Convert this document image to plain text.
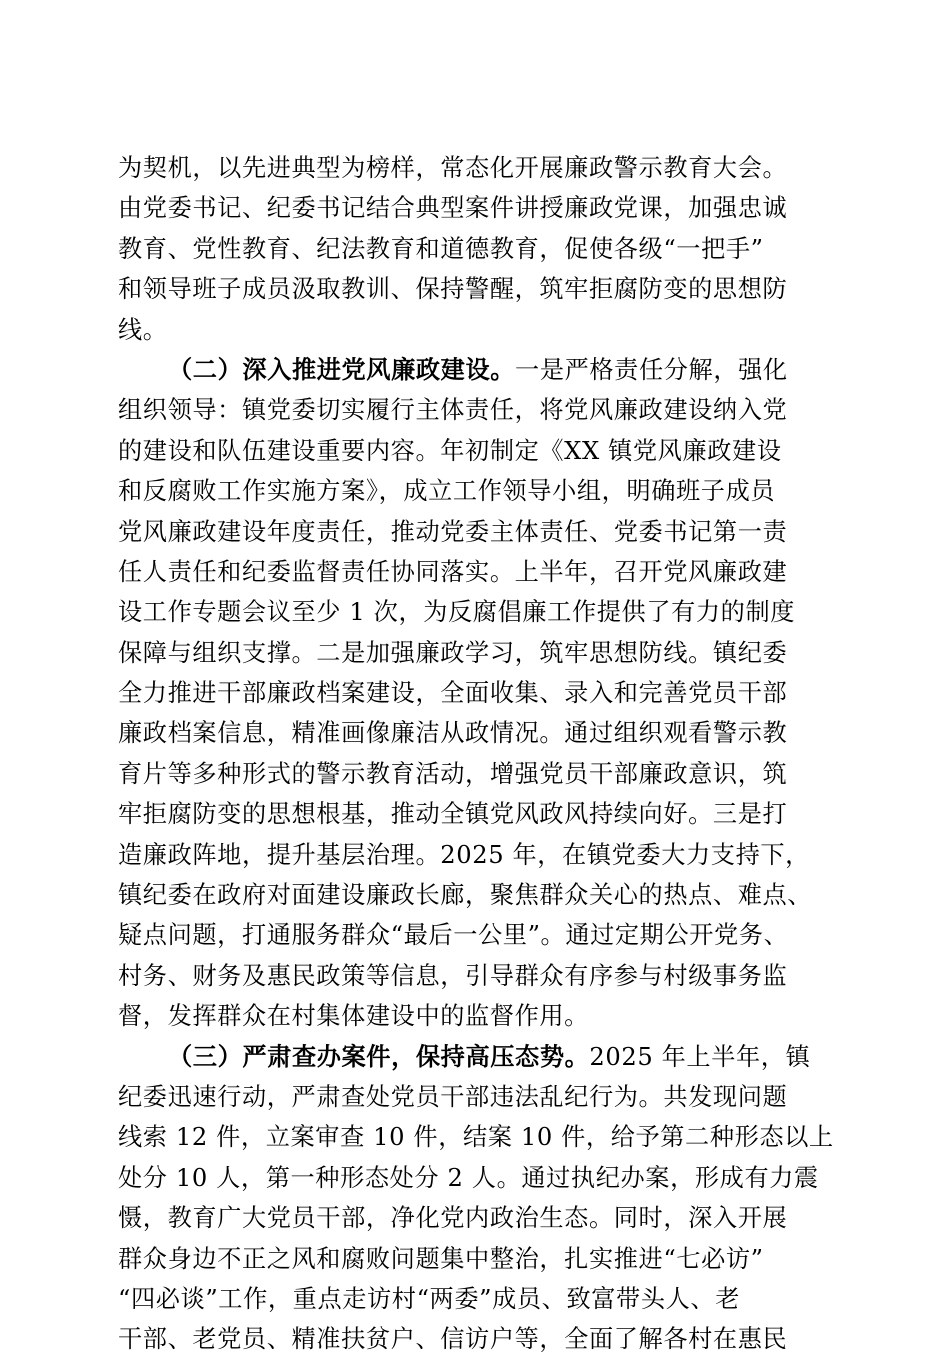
为契机，以先进典型为榜样，常态化开展廉政警示教育大会。
由党委书记、纪委书记结合典型案件讲授廉政党课，加强忠诚
教育、党性教育、纪法教育和道德教育，促使各级“一把手”
和领导班子成员汲取教训、保持警醒，筑牢拒腐防变的思想防
线。
（二）深入推进党风廉政建设。一是严格责任分解，强化
组织领导：镇党委切实履行主体责任，将党风廉政建设纳入党
的建设和队伍建设重要内容。年初制定《XX 镇党风廉政建设
和反腐败工作实施方案》，成立工作领导小组，明确班子成员
党风廉政建设年度责任，推动党委主体责任、党委书记第一责
任人责任和纪委监督责任协同落实。上半年，召开党风廉政建
设工作专题会议至少 1 次，为反腐倡廉工作提供了有力的制度
保障与组织支撑。二是加强廉政学习，筑牢思想防线。镇纪委
全力推进干部廉政档案建设，全面收集、录入和完善党员干部
廉政档案信息，精准画像廉洁从政情况。通过组织观看警示教
育片等多种形式的警示教育活动，增强党员干部廉政意识，筑
牢拒腐防变的思想根基，推动全镇党风政风持续向好。三是打
造廉政阵地，提升基层治理。2025 年，在镇党委大力支持下，
镇纪委在政府对面建设廉政长廊，聚焦群众关心的热点、难点、
疑点问题，打通服务群众“最后一公里”。通过定期公开党务、
村务、财务及惠民政策等信息，引导群众有序参与村级事务监
督，发挥群众在村集体建设中的监督作用。
（三）严肃查办案件，保持高压态势。2025 年上半年，镇
纪委迅速行动，严肃查处党员干部违法乱纪行为。共发现问题
线索 12 件，立案审查 10 件，结案 10 件，给予第二种形态以上
处分 10 人，第一种形态处分 2 人。通过执纪办案，形成有力震
慑，教育广大党员干部，净化党内政治生态。同时，深入开展
群众身边不正之风和腐败问题集中整治，扎实推进“七必访”
“四必谈”工作，重点走访村“两委”成员、致富带头人、老
干部、老党员、精准扶贫户、信访户等，全面了解各村在惠民
